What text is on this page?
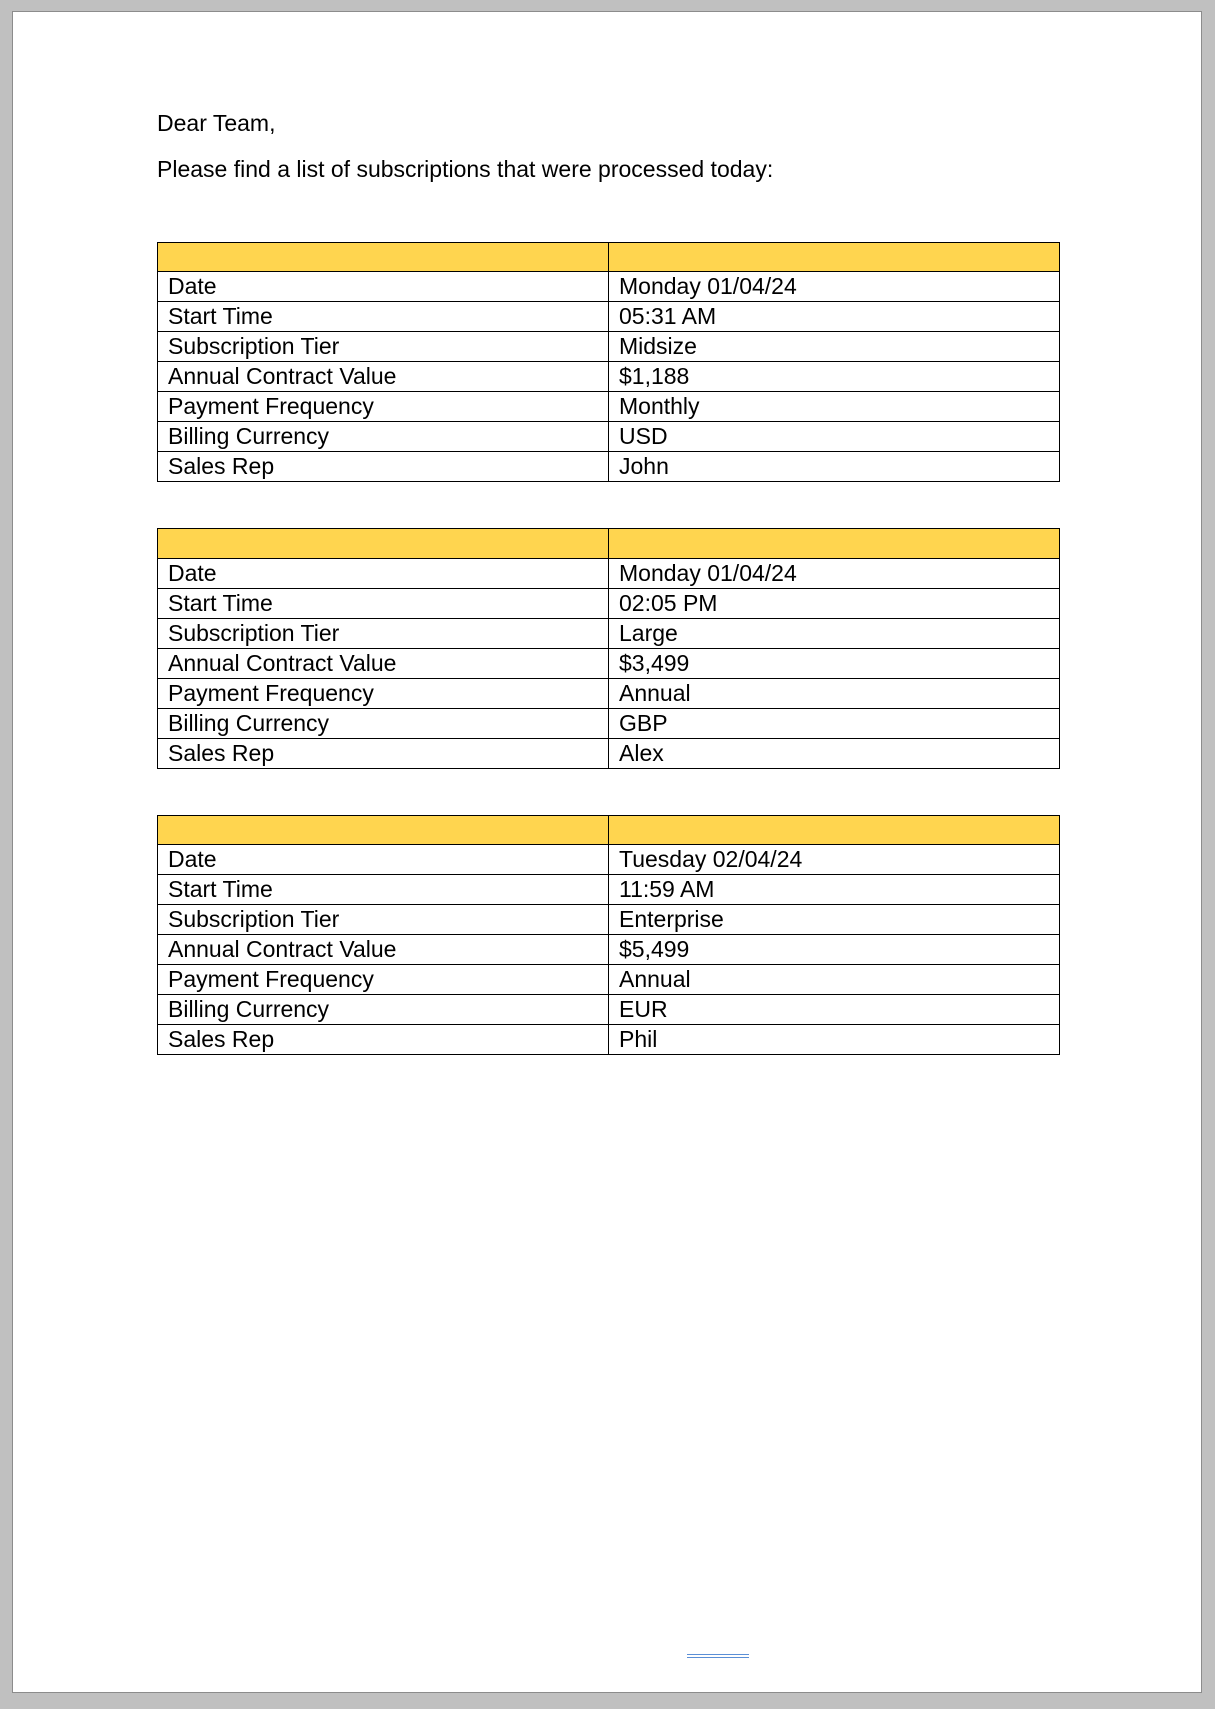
Dear Team,

Please find a list of subscriptions that were processed today:

Date	Monday 01/04/24
Start Time	05:31 AM
Subscription Tier	Midsize
Annual Contract Value	$1,188
Payment Frequency	Monthly
Billing Currency	USD
Sales Rep	John

Date	Monday 01/04/24
Start Time	02:05 PM
Subscription Tier	Large
Annual Contract Value	$3,499
Payment Frequency	Annual
Billing Currency	GBP
Sales Rep	Alex

Date	Tuesday 02/04/24
Start Time	11:59 AM
Subscription Tier	Enterprise
Annual Contract Value	$5,499
Payment Frequency	Annual
Billing Currency	EUR
Sales Rep	Phil
